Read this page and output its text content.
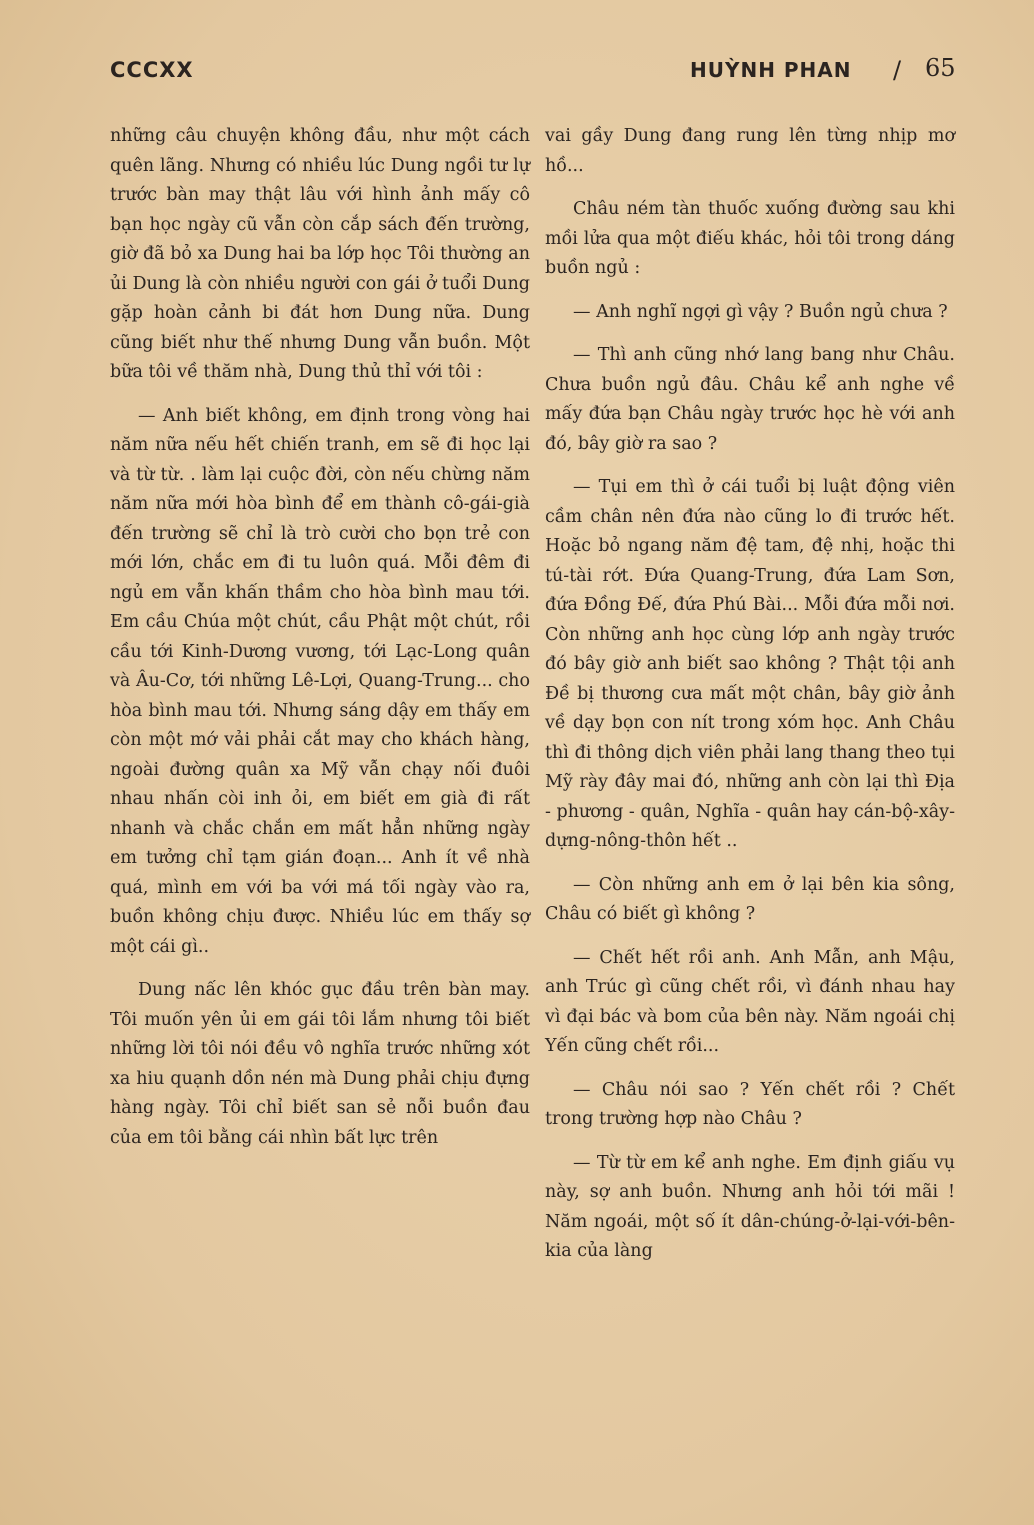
CCCXX	HUỲNH PHAN / 65

những câu chuyện không đầu, như một cách quên lãng. Nhưng có nhiều lúc Dung ngồi tư lự trước bàn may thật lâu với hình ảnh mấy cô bạn học ngày cũ vẫn còn cắp sách đến trường, giờ đã bỏ xa Dung hai ba lớp học Tôi thường an ủi Dung là còn nhiều người con gái ở tuổi Dung gặp hoàn cảnh bi đát hơn Dung nữa. Dung cũng biết như thế nhưng Dung vẫn buồn. Một bữa tôi về thăm nhà, Dung thủ thỉ với tôi :

— Anh biết không, em định trong vòng hai năm nữa nếu hết chiến tranh, em sẽ đi học lại và từ từ. . làm lại cuộc đời, còn nếu chừng năm năm nữa mới hòa bình để em thành cô-gái-già đến trường sẽ chỉ là trò cười cho bọn trẻ con mới lớn, chắc em đi tu luôn quá. Mỗi đêm đi ngủ em vẫn khấn thầm cho hòa bình mau tới. Em cầu Chúa một chút, cầu Phật một chút, rồi cầu tới Kinh-Dương vương, tới Lạc-Long quân và Âu-Cơ, tới những Lê-Lợi, Quang-Trung... cho hòa bình mau tới. Nhưng sáng dậy em thấy em còn một mớ vải phải cắt may cho khách hàng, ngoài đường quân xa Mỹ vẫn chạy nối đuôi nhau nhấn còi inh ỏi, em biết em già đi rất nhanh và chắc chắn em mất hẳn những ngày em tưởng chỉ tạm gián đoạn... Anh ít về nhà quá, mình em với ba với má tối ngày vào ra, buồn không chịu được. Nhiều lúc em thấy sợ một cái gì..

Dung nấc lên khóc gục đầu trên bàn may. Tôi muốn yên ủi em gái tôi lắm nhưng tôi biết những lời tôi nói đều vô nghĩa trước những xót xa hiu quạnh dồn nén mà Dung phải chịu đựng hàng ngày. Tôi chỉ biết san sẻ nỗi buồn đau của em tôi bằng cái nhìn bất lực trên

vai gầy Dung đang rung lên từng nhịp mơ hồ...

Châu ném tàn thuốc xuống đường sau khi mồi lửa qua một điếu khác, hỏi tôi trong dáng buồn ngủ :

— Anh nghĩ ngợi gì vậy ? Buồn ngủ chưa ?

— Thì anh cũng nhớ lang bang như Châu. Chưa buồn ngủ đâu. Châu kể anh nghe về mấy đứa bạn Châu ngày trước học hè với anh đó, bây giờ ra sao ?

— Tụi em thì ở cái tuổi bị luật động viên cầm chân nên đứa nào cũng lo đi trước hết. Hoặc bỏ ngang năm đệ tam, đệ nhị, hoặc thi tú-tài rớt. Đứa Quang-Trung, đứa Lam Sơn, đứa Đồng Đế, đứa Phú Bài... Mỗi đứa mỗi nơi. Còn những anh học cùng lớp anh ngày trước đó bây giờ anh biết sao không ? Thật tội anh Đề bị thương cưa mất một chân, bây giờ ảnh về dạy bọn con nít trong xóm học. Anh Châu thì đi thông dịch viên phải lang thang theo tụi Mỹ rày đây mai đó, những anh còn lại thì Địa - phương - quân, Nghĩa - quân hay cán-bộ-xây-dựng-nông-thôn hết ..

— Còn những anh em ở lại bên kia sông, Châu có biết gì không ?

— Chết hết rồi anh. Anh Mẫn, anh Mậu, anh Trúc gì cũng chết rồi, vì đánh nhau hay vì đại bác và bom của bên này. Năm ngoái chị Yến cũng chết rồi...

— Châu nói sao ? Yến chết rồi ? Chết trong trường hợp nào Châu ?

— Từ từ em kể anh nghe. Em định giấu vụ này, sợ anh buồn. Nhưng anh hỏi tới mãi ! Năm ngoái, một số ít dân-chúng-ở-lại-với-bên- kia của làng
